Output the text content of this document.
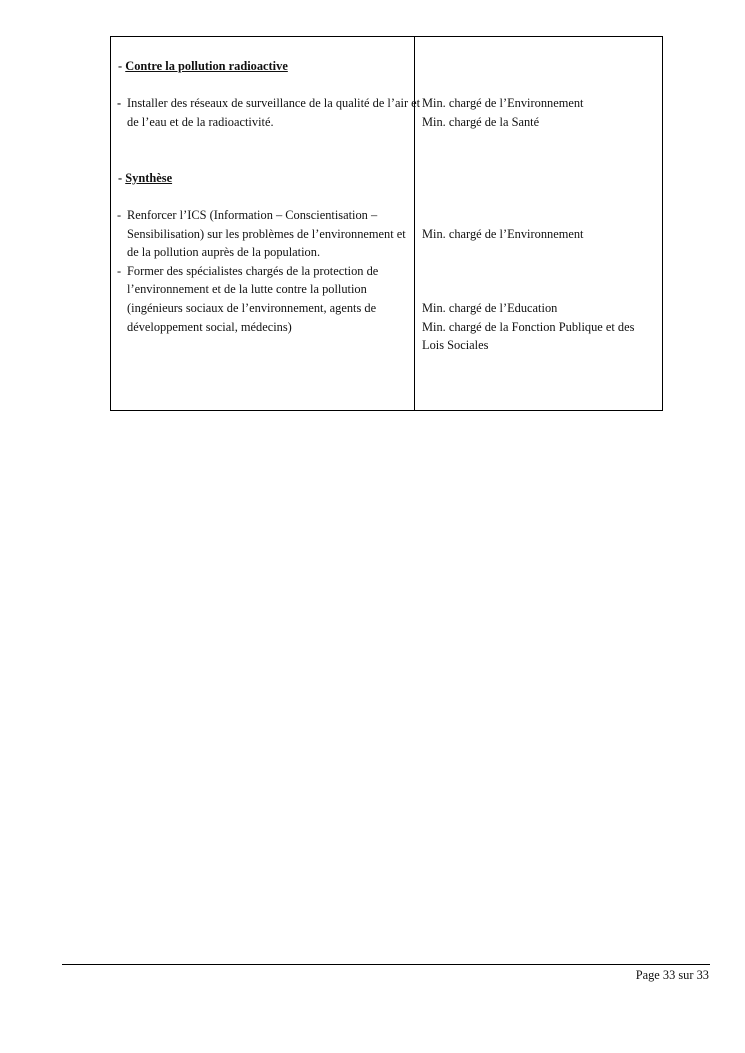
- Contre la pollution radioactive
- Installer des réseaux de surveillance de la qualité de l’air et de l’eau et de la radioactivité.
Min. chargé de l’Environnement
Min. chargé de la Santé
- Synthèse
- Renforcer l’ICS (Information – Conscientisation – Sensibilisation) sur les problèmes de l’environnement et de la pollution auprès de la population.
- Former des spécialistes chargés de la protection de l’environnement et de la lutte contre la pollution (ingénieurs sociaux de l’environnement, agents de développement social, médecins)
Min. chargé de l’Environnement
Min. chargé de l’Education
Min. chargé de la Fonction Publique et des Lois Sociales
Page 33 sur 33
